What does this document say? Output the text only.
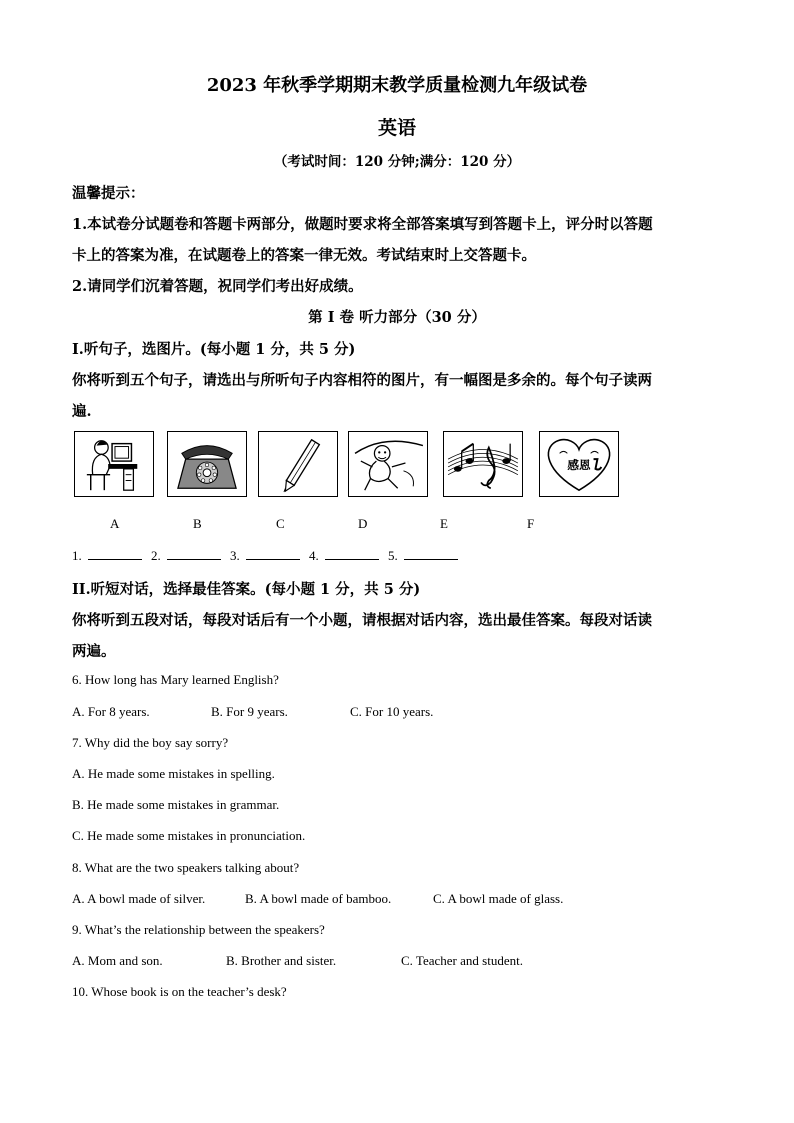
2023 年秋季学期期末教学质量检测九年级试卷
英语
（考试时间：120 分钟;满分：120 分）
温馨提示：
1.本试卷分试题卷和答题卡两部分，做题时要求将全部答案填写到答题卡上，评分时以答题
卡上的答案为准，在试题卷上的答案一律无效。考试结束时上交答题卡。
2.请同学们沉着答题，祝同学们考出好成绩。
第 I 卷 听力部分（30 分）
I.听句子，选图片。(每小题 1 分，共 5 分)
你将听到五个句子，请选出与所听句子内容相符的图片，有一幅图是多余的。每个句子读两
遍.
感恩
A	B	C	D	E	F
1.	2.	3.	4.	5.
II.听短对话，选择最佳答案。(每小题 1 分，共 5 分)
你将听到五段对话，每段对话后有一个小题，请根据对话内容，选出最佳答案。每段对话读
两遍。
6. How long has Mary learned English?
A. For 8 years.	B. For 9 years.	C. For 10 years.
7. Why did the boy say sorry?
A. He made some mistakes in spelling.
B. He made some mistakes in grammar.
C. He made some mistakes in pronunciation.
8. What are the two speakers talking about?
A. A bowl made of silver.	B. A bowl made of bamboo.	C. A bowl made of glass.
9. What’s the relationship between the speakers?
A. Mom and son.	B. Brother and sister.	C. Teacher and student.
10. Whose book is on the teacher’s desk?
